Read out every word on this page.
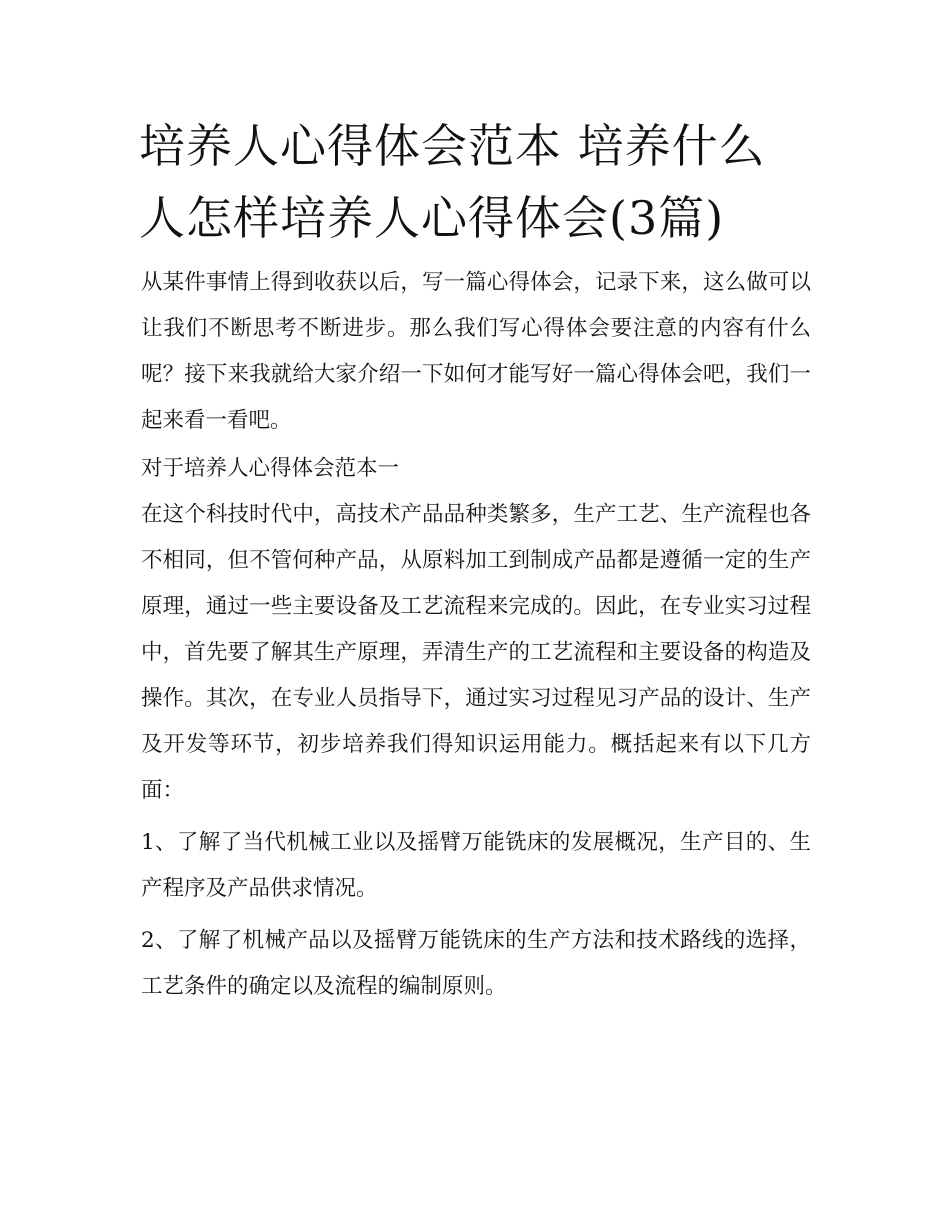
培养人心得体会范本 培养什么人怎样培养人心得体会(3篇)

从某件事情上得到收获以后，写一篇心得体会，记录下来，这么做可以让我们不断思考不断进步。那么我们写心得体会要注意的内容有什么呢？接下来我就给大家介绍一下如何才能写好一篇心得体会吧，我们一起来看一看吧。

对于培养人心得体会范本一

在这个科技时代中，高技术产品品种类繁多，生产工艺、生产流程也各不相同，但不管何种产品，从原料加工到制成产品都是遵循一定的生产原理，通过一些主要设备及工艺流程来完成的。因此，在专业实习过程中，首先要了解其生产原理，弄清生产的工艺流程和主要设备的构造及操作。其次，在专业人员指导下，通过实习过程见习产品的设计、生产及开发等环节，初步培养我们得知识运用能力。概括起来有以下几方面：

1、了解了当代机械工业以及摇臂万能铣床的发展概况，生产目的、生产程序及产品供求情况。

2、了解了机械产品以及摇臂万能铣床的生产方法和技术路线的选择，工艺条件的确定以及流程的编制原则。
